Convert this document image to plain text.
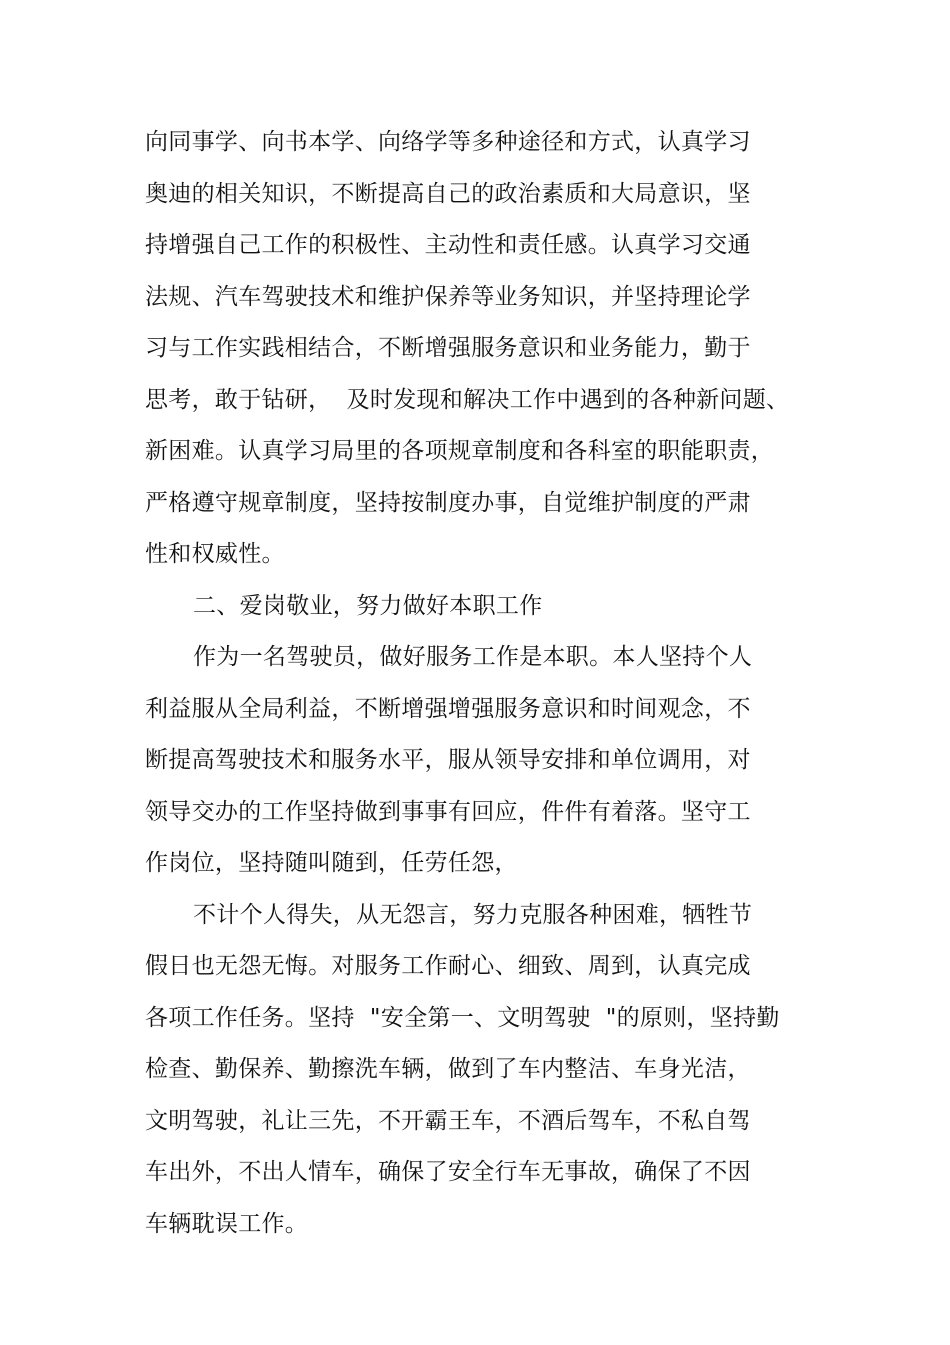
向同事学、向书本学、向络学等多种途径和方式，认真学习
奥迪的相关知识，不断提高自己的政治素质和大局意识，坚
持增强自己工作的积极性、主动性和责任感。认真学习交通
法规、汽车驾驶技术和维护保养等业务知识，并坚持理论学
习与工作实践相结合，不断增强服务意识和业务能力，勤于
思考，敢于钻研，  及时发现和解决工作中遇到的各种新问题、
新困难。认真学习局里的各项规章制度和各科室的职能职责，
严格遵守规章制度，坚持按制度办事，自觉维护制度的严肃
性和权威性。
二、爱岗敬业，努力做好本职工作
作为一名驾驶员，做好服务工作是本职。本人坚持个人
利益服从全局利益，不断增强增强服务意识和时间观念，不
断提高驾驶技术和服务水平，服从领导安排和单位调用，对
领导交办的工作坚持做到事事有回应，件件有着落。坚守工
作岗位，坚持随叫随到，任劳任怨，
不计个人得失，从无怨言，努力克服各种困难，牺牲节
假日也无怨无悔。对服务工作耐心、细致、周到，认真完成
各项工作任务。坚持  "安全第一、文明驾驶  "的原则，坚持勤
检查、勤保养、勤擦洗车辆，做到了车内整洁、车身光洁，
文明驾驶，礼让三先，不开霸王车，不酒后驾车，不私自驾
车出外，不出人情车，确保了安全行车无事故，确保了不因
车辆耽误工作。
